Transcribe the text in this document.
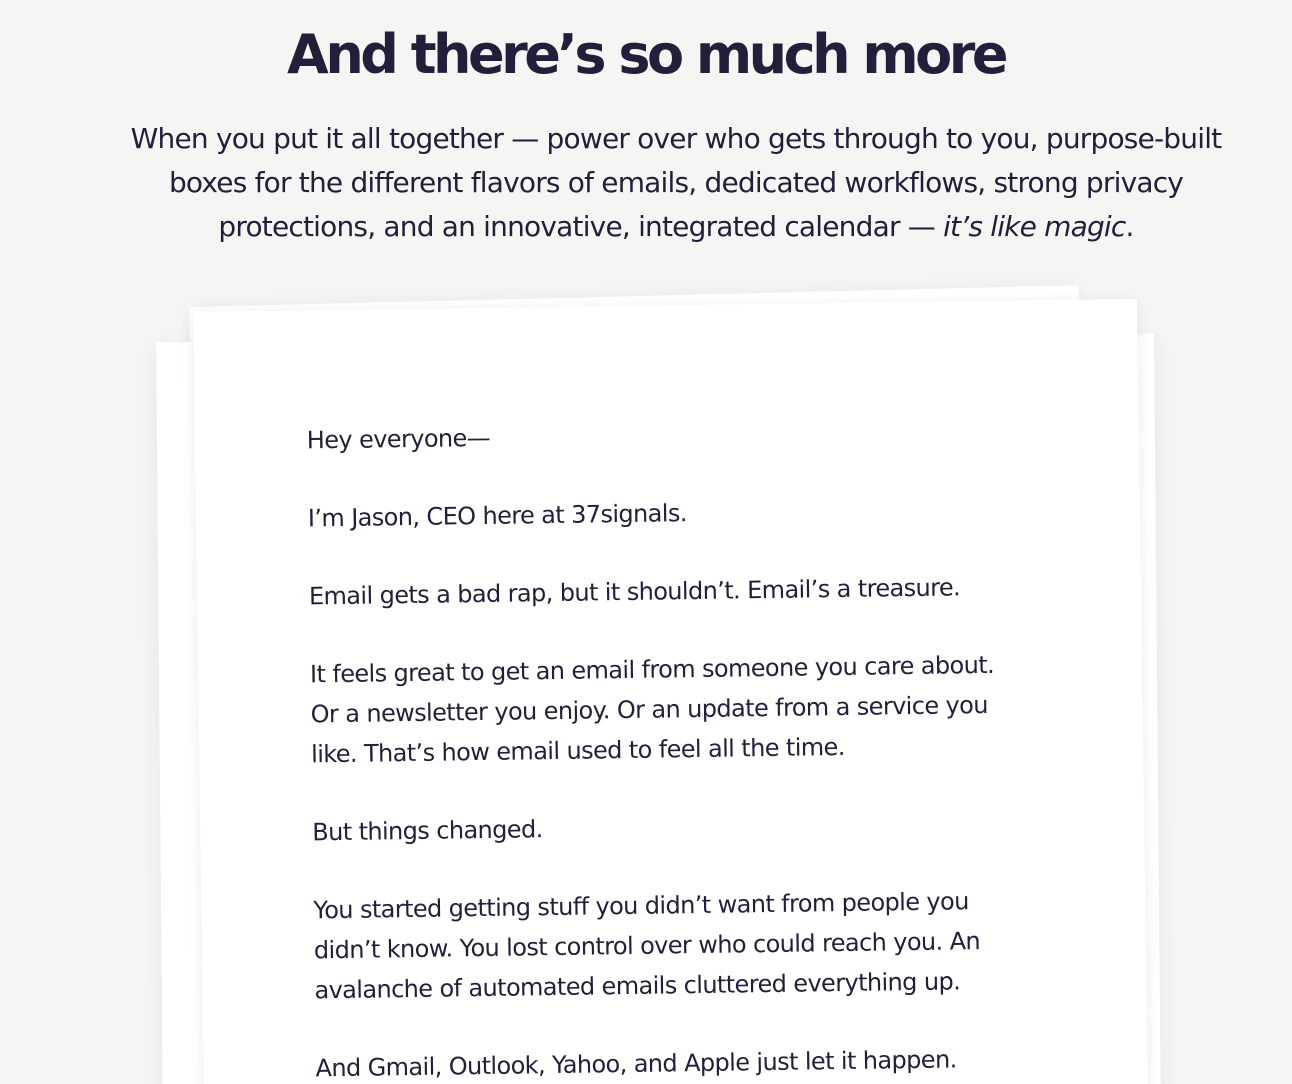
And there’s so much more

When you put it all together — power over who gets through to you, purpose-built boxes for the different flavors of emails, dedicated workflows, strong privacy protections, and an innovative, integrated calendar — it’s like magic.

Hey everyone—

I’m Jason, CEO here at 37signals.

Email gets a bad rap, but it shouldn’t. Email’s a treasure.

It feels great to get an email from someone you care about. Or a newsletter you enjoy. Or an update from a service you like. That’s how email used to feel all the time.

But things changed.

You started getting stuff you didn’t want from people you didn’t know. You lost control over who could reach you. An avalanche of automated emails cluttered everything up.

And Gmail, Outlook, Yahoo, and Apple just let it happen.
